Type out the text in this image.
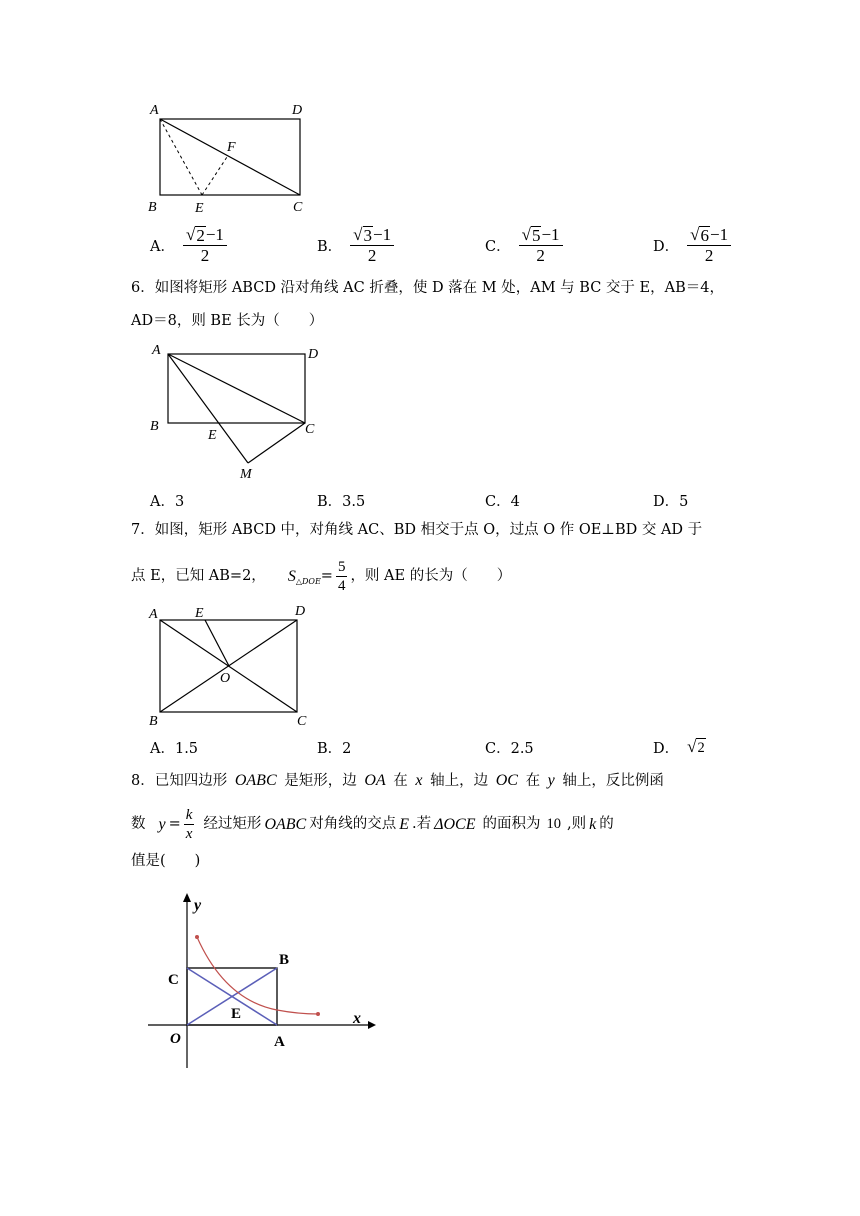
A	D
F
B	E	C
A． $\frac{√ 2 -1}{2}$	B． $\frac{√ 3 -1}{2}$	C． $\frac{√ 5 -1}{2}$	D． $\frac{√ 6 -1}{2}$
6．如图将矩形 ABCD 沿对角线 AC 折叠，使 D 落在 M 处，AM 与 BC 交于 E，AB＝4，
AD＝8，则 BE 长为（　　）
A	D
B
E	C
M
A．3	B．3.5	C．4	D．5
7．如图，矩形 ABCD 中，对角线 AC、BD 相交于点 O，过点 O 作 OE⊥BD 交 AD 于
点 E，已知 AB=2， S △DOE = $\frac{5}{4}$ ，则 AE 的长为（　　）
A	E	D
O
B	C
A．1.5	B．2	C．2.5	D． √ 2
8．已知四边形 OABC 是矩形，边 OA 在 x 轴上，边 OC 在 y 轴上，反比例函
数 $y = \frac{k}{x}$ 经过矩形 OABC 对角线的交点 E .若 ΔOCE 的面积为 10 ,则 k 的
值是(　　)
y
B
C
E
O	A
x
